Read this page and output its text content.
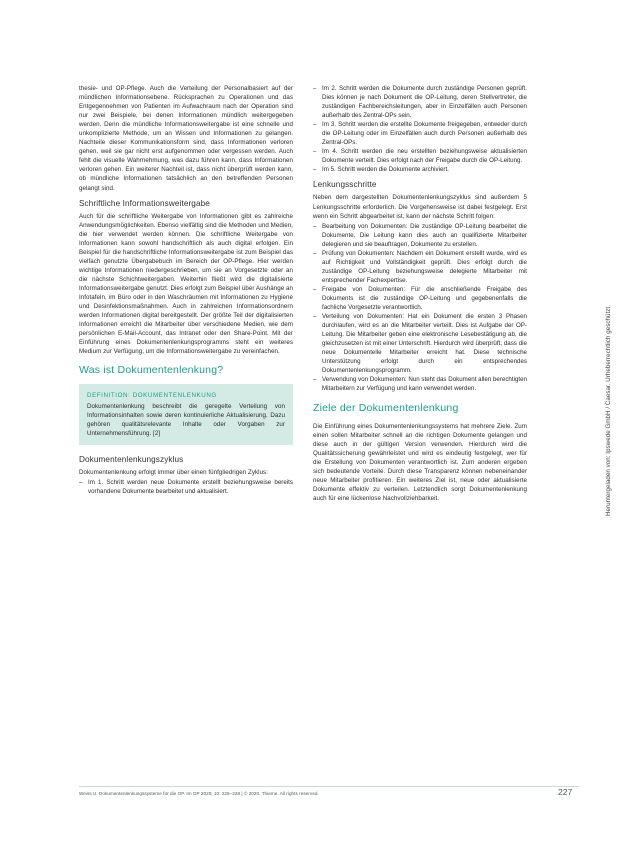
thesie- und OP-Pflege. Auch die Verteilung der Personalbasiert auf der mündlichen Informationsebene. Rücksprachen zu Operationen und das Entgegennehmen von Patienten im Aufwachraum nach der Operation sind nur zwei Beispiele, bei denen Informationen mündlich weitergegeben werden. Denn die mündliche Informationsweitergabe ist eine schnelle und unkomplizierte Methode, um an Wissen und Informationen zu gelangen. Nachteile dieser Kommunikationsform sind, dass Informationen verloren gehen, weil sie gar nicht erst aufgenommen oder vergessen werden. Auch fehlt die visuelle Wahrnehmung, was dazu führen kann, dass Informationen verloren gehen. Ein weiterer Nachteil ist, dass nicht überprüft werden kann, ob mündliche Informationen tatsächlich an den betreffenden Personen gelangt sind.

Schriftliche Informationsweitergabe

Auch für die schriftliche Weitergabe von Informationen gibt es zahlreiche Anwendungsmöglichkeiten. Ebenso vielfältig sind die Methoden und Medien, die hier verwendet werden können. Die schriftliche Weitergabe von Informationen kann sowohl handschriftlich als auch digital erfolgen. Ein Beispiel für die handschriftliche Informationsweitergabe ist zum Beispiel das vielfach genutzte Übergabebuch im Bereich der OP-Pflege. Hier werden wichtige Informationen niedergeschrieben, um sie an Vorgesetzte oder an die nächste Schichtweitergaben. Weiterhin fließt wird die digitalisierte Informationsweitergabe genutzt. Dies erfolgt zum Beispiel über Aushänge an Infotafeln, im Büro oder in den Waschräumen mit Informationen zu Hygiene und Desinfektionsmaßnahmen. Auch in zahlreichen Informationsordnern werden Informationen digital bereitgestellt. Der größte Teil der digitalisierten Informationen erreicht die Mitarbeiter über verschiedene Medien, wie dem persönlichen E-Mail-Account, das Intranet oder den Share-Point. Mit der Einführung eines Dokumentenlenkungsprogramms steht ein weiteres Medium zur Verfügung, um die Informationsweitergabe zu vereinfachen.

Was ist Dokumentenlenkung?
DEFINITION: DOKUMENTENLENKUNG

Dokumentenlenkung beschreibt die geregelte Verteilung von Informationsinhalten sowie deren kontinuierliche Aktualisierung. Dazu gehören qualitätsrelevante Inhalte oder Vorgaben zur Unternehmensführung. [2]

Dokumentenlenkungszyklus

Dokumentenlenkung erfolgt immer über einen fünfgliedrigen Zyklus:

– Im 1. Schritt werden neue Dokumente erstellt beziehungsweise bereits vorhandene Dokumente bearbeitet und aktualisiert.
– Im 2. Schritt werden die Dokumente durch zuständige Personen geprüft. Dies können je nach Dokument die OP-Leitung, deren Stellvertreter, die zuständigen Fachbereichsleitungen, aber in Einzelfällen auch Personen außerhalb des Zentral-OPs sein.
– Im 3. Schritt werden die erstellte Dokumente freigegeben, entweder durch die OP-Leitung oder im Einzelfällen auch durch Personen außerhalb des Zentral-OPs.
– Im 4. Schritt werden die neu erstellten beziehungsweise aktualisierten Dokumente verteilt. Dies erfolgt nach der Freigabe durch die OP-Leitung.
– Im 5. Schritt werden die Dokumente archiviert.
Lenkungsschritte

Neben dem dargestellten Dokumentenlenkungszyklus sind außerdem 5 Lenkungsschritte erforderlich. Die Vorgehensweise ist dabei festgelegt. Erst wenn ein Schritt abgearbeitet ist, kann der nächste Schritt folgen:

– Bearbeitung von Dokumenten: Die zuständige OP-Leitung bearbeitet die Dokumente. Die Leitung kann dies auch an qualifizierte Mitarbeiter delegieren und sie beauftragen, Dokumente zu erstellen.
– Prüfung von Dokumenten: Nachdem ein Dokument erstellt wurde, wird es auf Richtigkeit und Vollständigkeit geprüft. Dies erfolgt durch die zuständige OP-Leitung beziehungsweise delegierte Mitarbeiter mit entsprechender Fachexpertise.
– Freigabe von Dokumenten: Für die anschließende Freigabe des Dokuments ist die zuständige OP-Leitung und gegebenenfalls die fachliche Vorgesetzte verantwortlich.
– Verteilung von Dokumenten: Hat ein Dokument die ersten 3 Phasen durchlaufen, wird es an die Mitarbeiter verteilt. Dies ist Aufgabe der OP-Leitung. Die Mitarbeiter geben eine elektronische Lesebestätigung ab, die gleichzusetzen ist mit einer Unterschrift. Hierdurch wird überprüft, dass die neue Dokumentelle Mitarbeiter erreicht hat. Diese technische Unterstützung erfolgt durch ein entsprechendes Dokumentenlenkungsprogramm.
– Verwendung von Dokumenten: Nun steht das Dokument allen berechtigten Mitarbeitern zur Verfügung und kann verwendet werden.
Ziele der Dokumentenlenkung

Die Einführung eines Dokumentenlenkungssystems hat mehrere Ziele. Zum einen sollen Mitarbeiter schnell an die richtigen Dokumente gelangen und diese auch in der gültigen Version verwenden. Hierdurch wird die Qualitätssicherung gewährleistet und wird es eindeutig festgelegt, wer für die Erstellung von Dokumenten verantwortlich ist. Zum anderen ergeben sich bedeutende Vorteile. Durch diese Transparenz können nebeneinander neue Mitarbeiter profitieren. Ein weiteres Ziel ist, neue oder aktualisierte Dokumente effektiv zu verteilen. Letztendlich sorgt Dokumentenlenkung auch für eine lückenlose Nachvollziehbarkeit.	Heruntergeladen von: Ipswede GmbH / Caesar. Urheberrechtlich geschützt.
Weiss U. Dokumentenlenkungssysteme für die OP. Im OP 2020; 10: 225–228 | © 2020. Thieme. All rights reserved.	227
